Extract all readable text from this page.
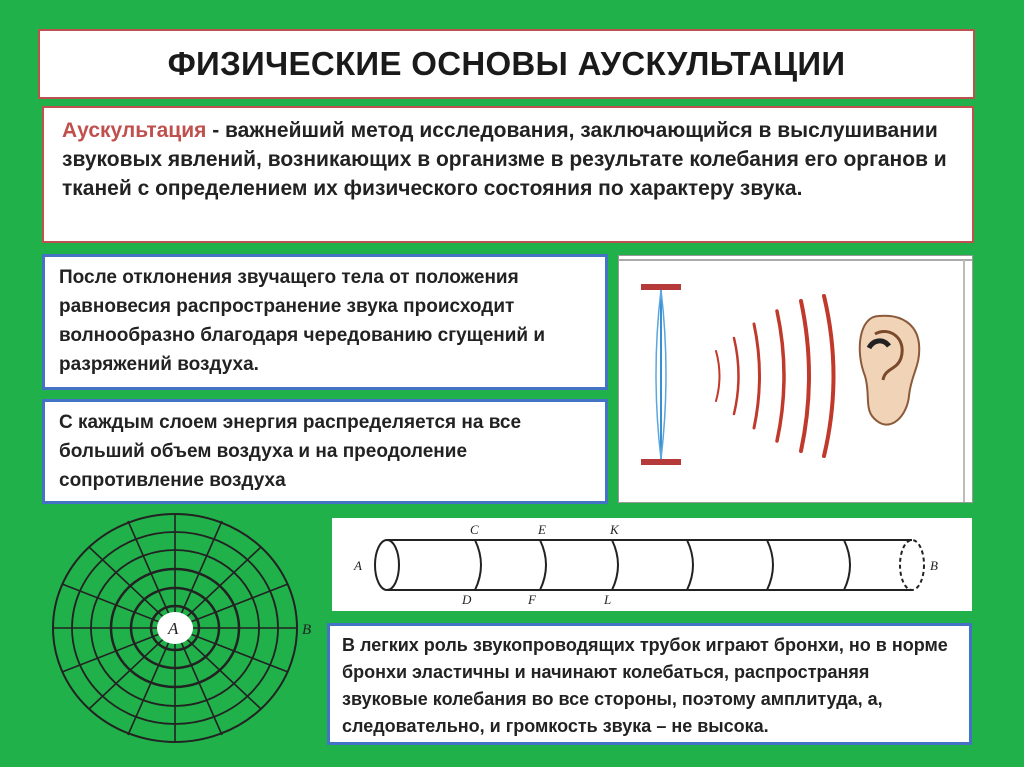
ФИЗИЧЕСКИЕ ОСНОВЫ АУСКУЛЬТАЦИИ
Аускультация - важнейший метод исследования, заключающийся в выслушивании звуковых явлений, возникающих в организме в результате колебания его органов и тканей с определением их физического состояния по характеру звука.
После отклонения звучащего тела от положения равновесия распространение звука происходит волнообразно благодаря чередованию сгущений и разряжений воздуха.
С каждым слоем энергия распределяется на все больший объем воздуха и на преодоление сопротивление воздуха
A	B
A	B
C	E	K
D	F	L
В легких роль звукопроводящих трубок играют бронхи, но в норме бронхи эластичны и начинают колебаться, распространяя звуковые колебания во все стороны, поэтому амплитуда, а, следовательно, и громкость звука – не высока.
